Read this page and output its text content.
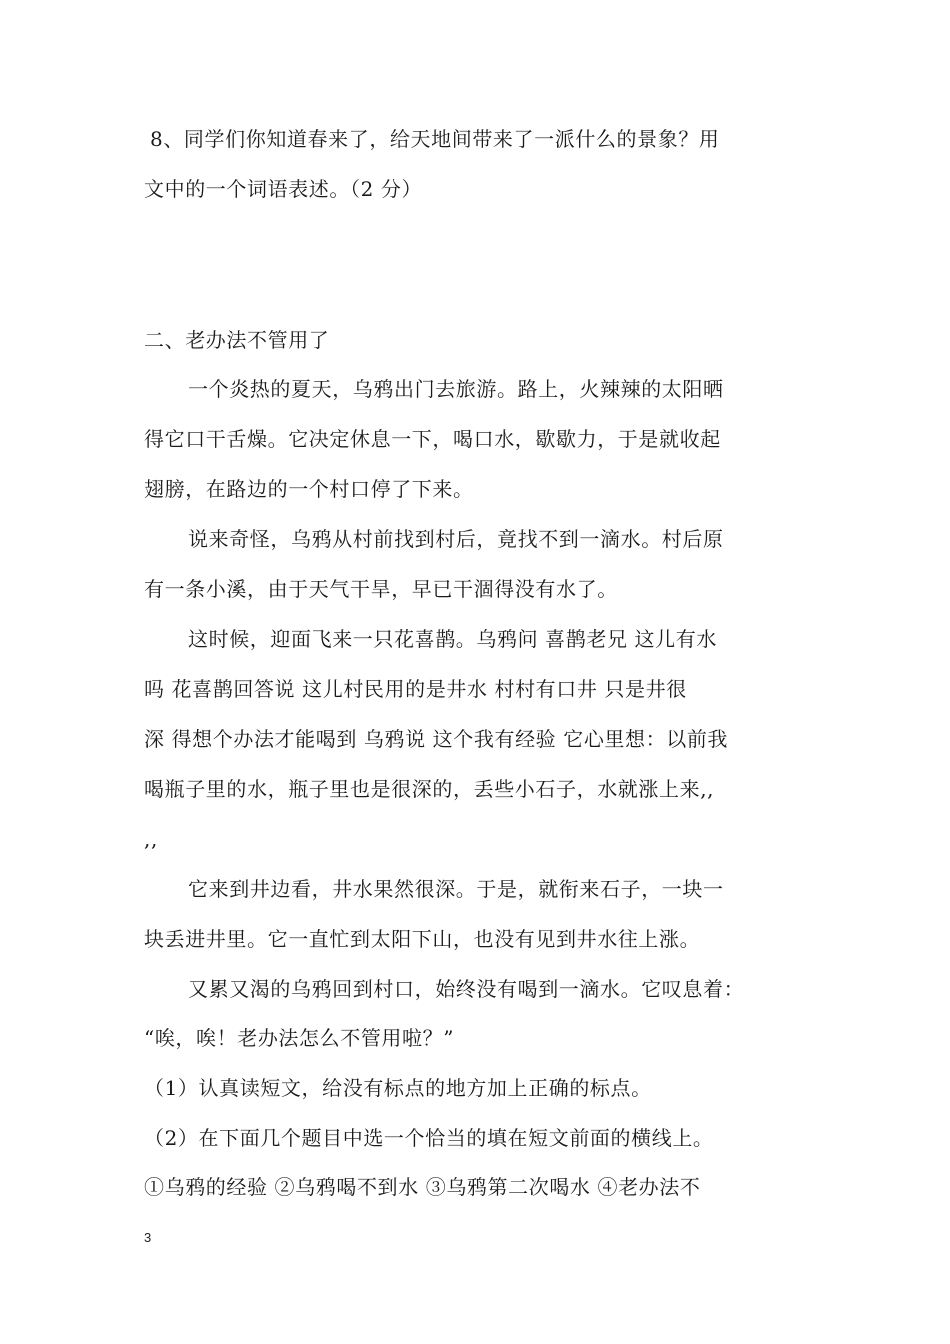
8、同学们你知道春来了，给天地间带来了一派什么的景象？用
文中的一个词语表述。（2 分）
二、老办法不管用了
一个炎热的夏天，乌鸦出门去旅游。路上，火辣辣的太阳晒
得它口干舌燥。它决定休息一下，喝口水，歇歇力，于是就收起
翅膀，在路边的一个村口停了下来。
说来奇怪，乌鸦从村前找到村后，竟找不到一滴水。村后原
有一条小溪，由于天气干旱，早已干涸得没有水了。
这时候，迎面飞来一只花喜鹊。乌鸦问 喜鹊老兄 这儿有水
吗 花喜鹊回答说 这儿村民用的是井水 村村有口井 只是井很
深 得想个办法才能喝到 乌鸦说 这个我有经验 它心里想：以前我
喝瓶子里的水，瓶子里也是很深的，丢些小石子，水就涨上来,,
,,
它来到井边看，井水果然很深。于是，就衔来石子，一块一
块丢进井里。它一直忙到太阳下山，也没有见到井水往上涨。
又累又渴的乌鸦回到村口，始终没有喝到一滴水。它叹息着：
“唉，唉！老办法怎么不管用啦？”
（1）认真读短文，给没有标点的地方加上正确的标点。
（2）在下面几个题目中选一个恰当的填在短文前面的横线上。
①乌鸦的经验 ②乌鸦喝不到水 ③乌鸦第二次喝水 ④老办法不
3
